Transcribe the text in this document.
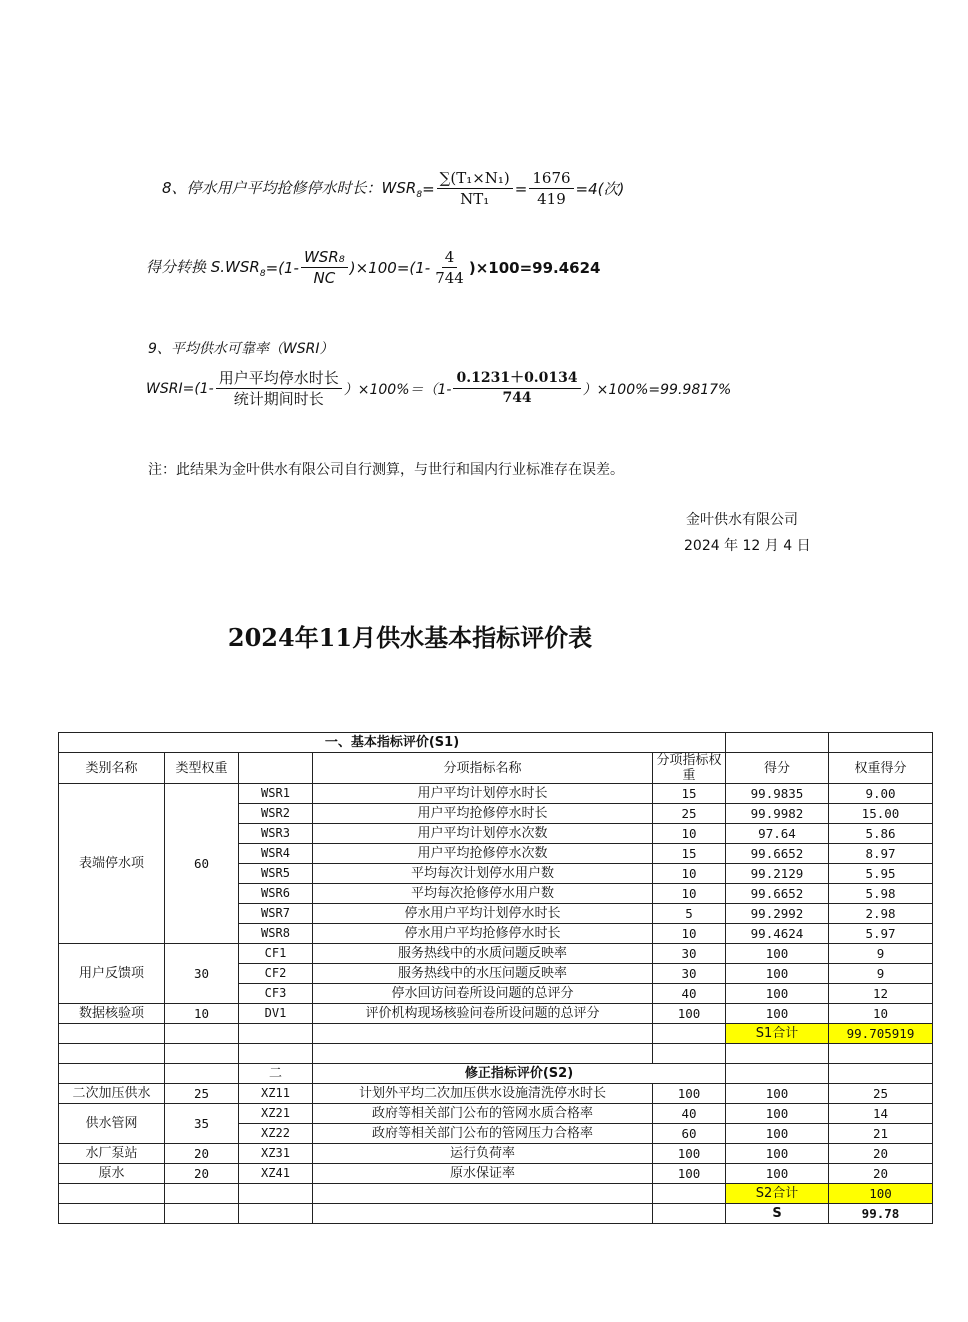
8、停水用户平均抢修停水时长：$WSR_8 = \frac{\text{∑(T₁×N₁)}}{\text{NT₁}} = \frac{1676}{419} =4$(次)
得分转换 $S.WSR_8 =(1- \frac{\text{WSR₈}}{NC} )\times 100=(1- \frac{4}{744} )\times 100=99.4624$
9、平均供水可靠率（WSRI）
WSRI=(1- $\frac{\text{用户平均停水时长}}{\text{统计期间时长}} )\times 100\%=(1- \frac{0.1231+0.0134}{744} )\times 100\%=99.9817\%$
注：此结果为金叶供水有限公司自行测算，与世行和国内行业标准存在误差。
金叶供水有限公司
2024 年 12 月 4 日
2024年11月供水基本指标评价表
一、基本指标评价(S1)						
类别名称	类型权重		分项指标名称	分项指标权重	得分	权重得分
表端停水项	60	WSR1	用户平均计划停水时长	15	99.9835	9.00
		WSR2	用户平均抢修停水时长	25	99.9982	15.00
		WSR3	用户平均计划停水次数	10	97.64	5.86
		WSR4	用户平均抢修停水次数	15	99.6652	8.97
		WSR5	平均每次计划停水用户数	10	99.2129	5.95
		WSR6	平均每次抢修停水用户数	10	99.6652	5.98
		WSR7	停水用户平均计划停水时长	5	99.2992	2.98
		WSR8	停水用户平均抢修停水时长	10	99.4624	5.97
用户反馈项	30	CF1	服务热线中的水质问题反映率	30	100	9
		CF2	服务热线中的水压问题反映率	30	100	9
		CF3	停水回访问卷所设问题的总评分	40	100	12
数据核验项	10	DV1	评价机构现场核验问卷所设问题的总评分	100	100	10
					S1合计	99.705919

		二	修正指标评价(S2)			
二次加压供水	25	XZ11	计划外平均二次加压供水设施清洗停水时长	100	100	25
供水管网	35	XZ21	政府等相关部门公布的管网水质合格率	40	100	14
		XZ22	政府等相关部门公布的管网压力合格率	60	100	21
水厂泵站	20	XZ31	运行负荷率	100	100	20
原水	20	XZ41	原水保证率	100	100	20
					S2合计	100
					S	99.78
